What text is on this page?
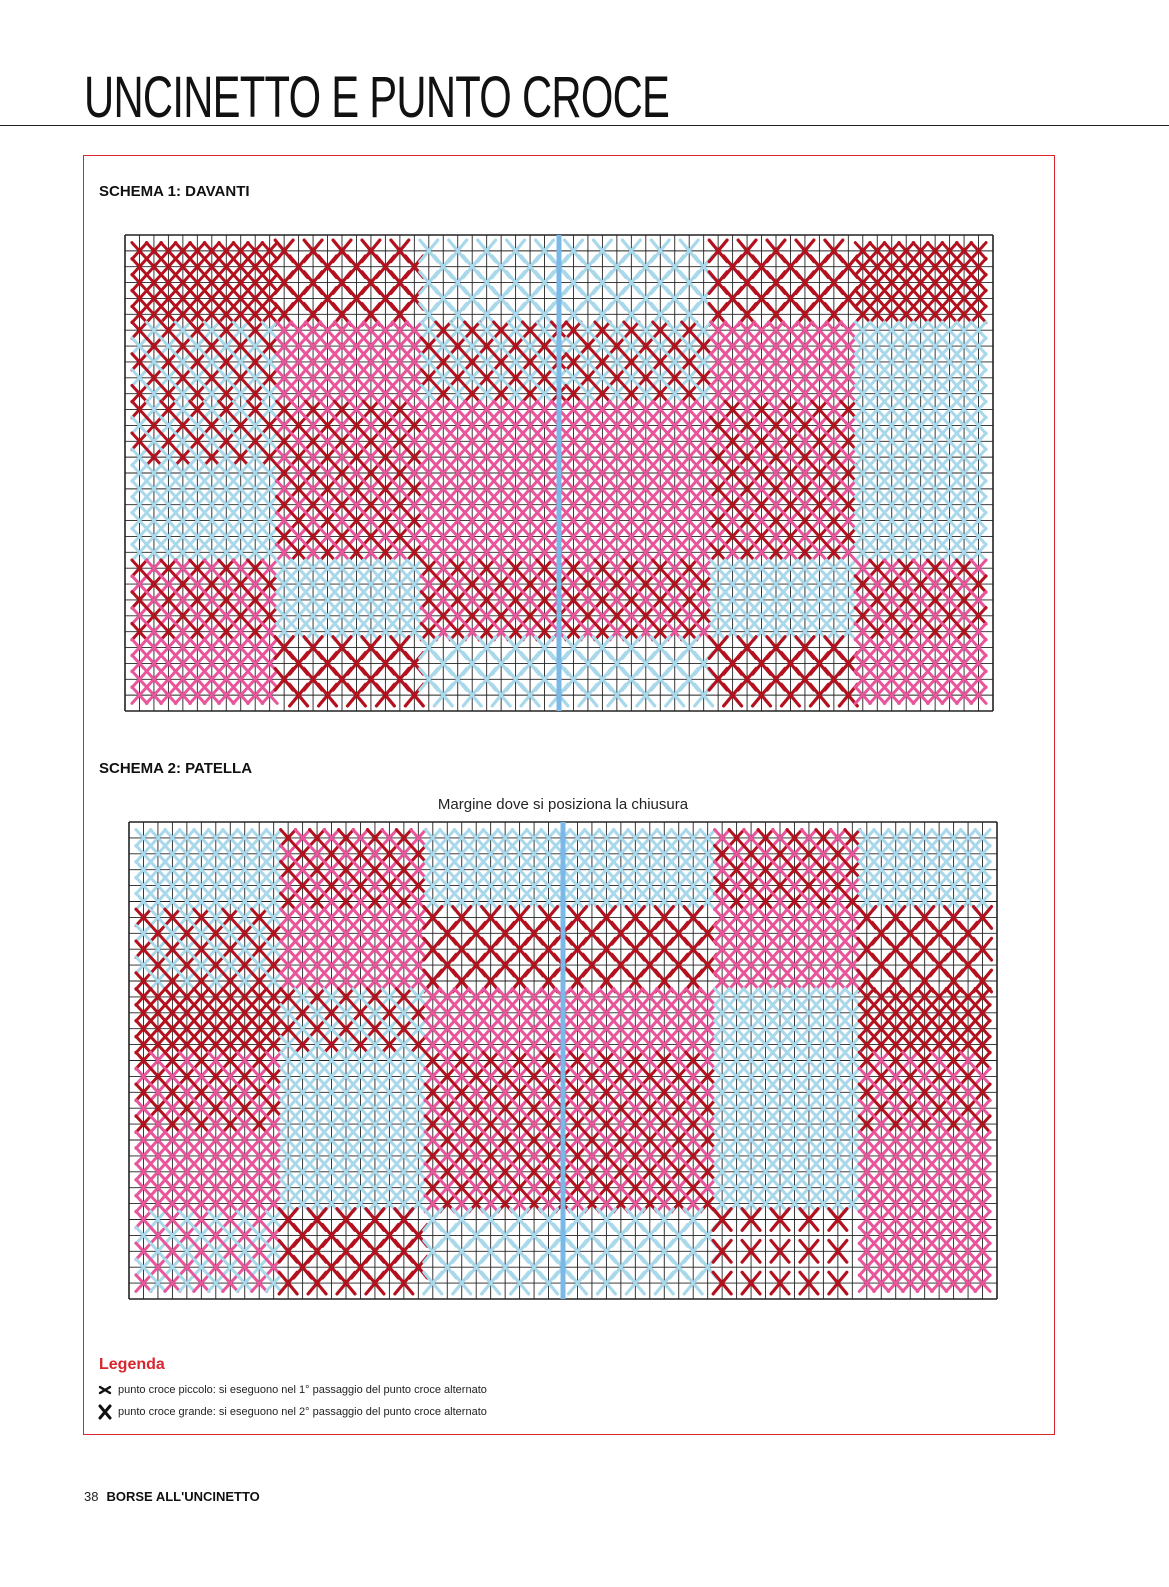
UNCINETTO E PUNTO CROCE
SCHEMA 1: DAVANTI
SCHEMA 2: PATELLA
Margine dove si posiziona la chiusura
Legenda
punto croce piccolo: si eseguono nel 1° passaggio del punto croce alternato
punto croce grande: si eseguono nel 2° passaggio del punto croce alternato
38 BORSE ALL'UNCINETTO
